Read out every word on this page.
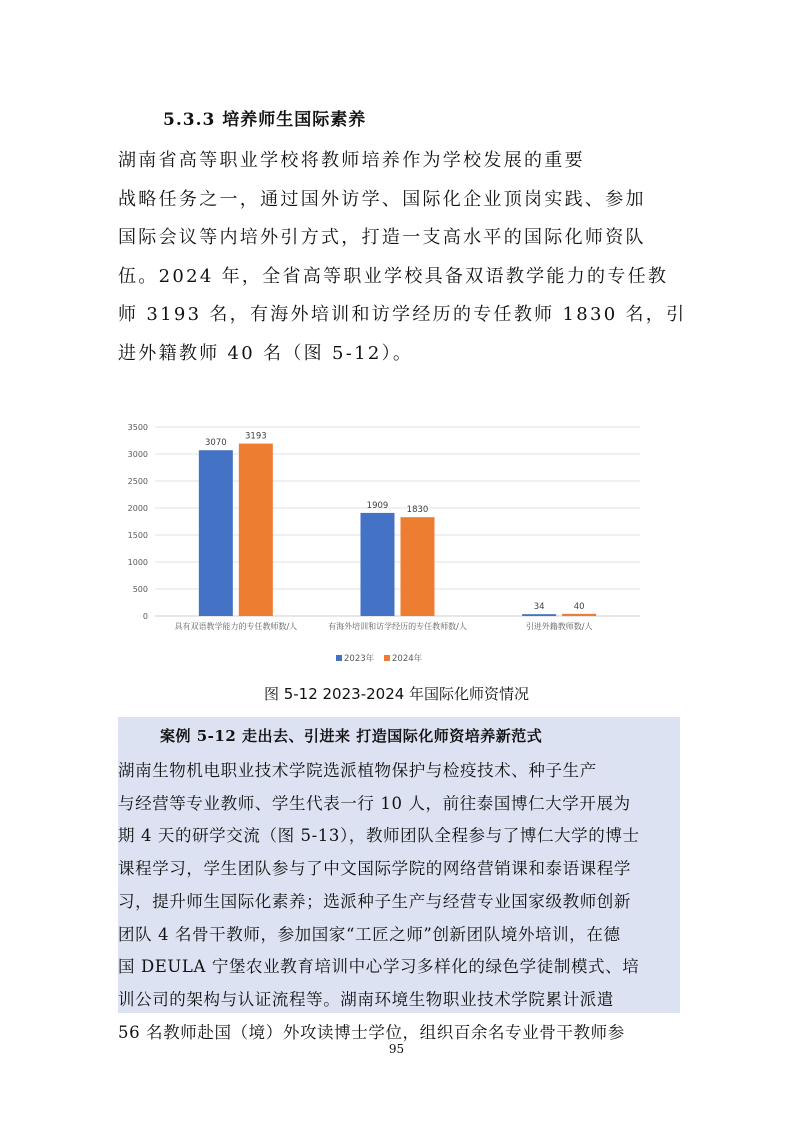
5.3.3 培养师生国际素养

湖南省高等职业学校将教师培养作为学校发展的重要

战略任务之一，通过国外访学、国际化企业顶岗实践、参加

国际会议等内培外引方式，打造一支高水平的国际化师资队

伍。2024 年，全省高等职业学校具备双语教学能力的专任教

师 3193 名，有海外培训和访学经历的专任教师 1830 名，引

进外籍教师 40 名（图 5-12）。

0
500
1000
1500
2000
2500
3000
3500
3070
3193
具有双语教学能力的专任教师数/人
1909 1830
有海外培训和访学经历的专任教师数/人
34	40
引进外籍教师数/人
2023年 2024年
图 5-12 2023-2024 年国际化师资情况
案例 5-12 走出去、引进来 打造国际化师资培养新范式

湖南生物机电职业技术学院选派植物保护与检疫技术、种子生产

与经营等专业教师、学生代表一行 10 人，前往泰国博仁大学开展为

期 4 天的研学交流（图 5-13），教师团队全程参与了博仁大学的博士

课程学习，学生团队参与了中文国际学院的网络营销课和泰语课程学

习，提升师生国际化素养；选派种子生产与经营专业国家级教师创新

团队 4 名骨干教师，参加国家“工匠之师”创新团队境外培训，在德

国 DEULA 宁堡农业教育培训中心学习多样化的绿色学徒制模式、培

训公司的架构与认证流程等。湖南环境生物职业技术学院累计派遣

56 名教师赴国（境）外攻读博士学位，组织百余名专业骨干教师参

95
